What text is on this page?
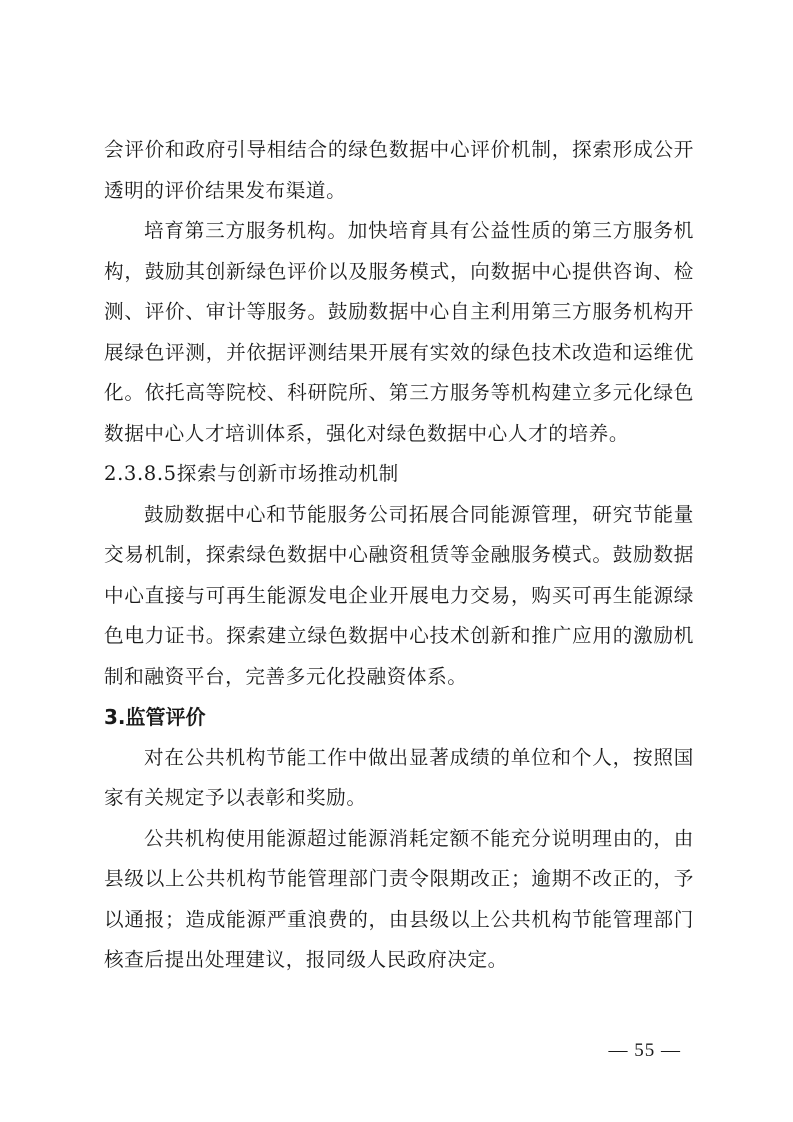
会评价和政府引导相结合的绿色数据中心评价机制，探索形成公开透明的评价结果发布渠道。

培育第三方服务机构。加快培育具有公益性质的第三方服务机构，鼓励其创新绿色评价以及服务模式，向数据中心提供咨询、检测、评价、审计等服务。鼓励数据中心自主利用第三方服务机构开展绿色评测，并依据评测结果开展有实效的绿色技术改造和运维优化。依托高等院校、科研院所、第三方服务等机构建立多元化绿色数据中心人才培训体系，强化对绿色数据中心人才的培养。

2.3.8.5探索与创新市场推动机制

鼓励数据中心和节能服务公司拓展合同能源管理，研究节能量交易机制，探索绿色数据中心融资租赁等金融服务模式。鼓励数据中心直接与可再生能源发电企业开展电力交易，购买可再生能源绿色电力证书。探索建立绿色数据中心技术创新和推广应用的激励机制和融资平台，完善多元化投融资体系。

3.监管评价

对在公共机构节能工作中做出显著成绩的单位和个人，按照国家有关规定予以表彰和奖励。

公共机构使用能源超过能源消耗定额不能充分说明理由的，由县级以上公共机构节能管理部门责令限期改正；逾期不改正的，予以通报；造成能源严重浪费的，由县级以上公共机构节能管理部门核查后提出处理建议，报同级人民政府决定。

— 55 —
